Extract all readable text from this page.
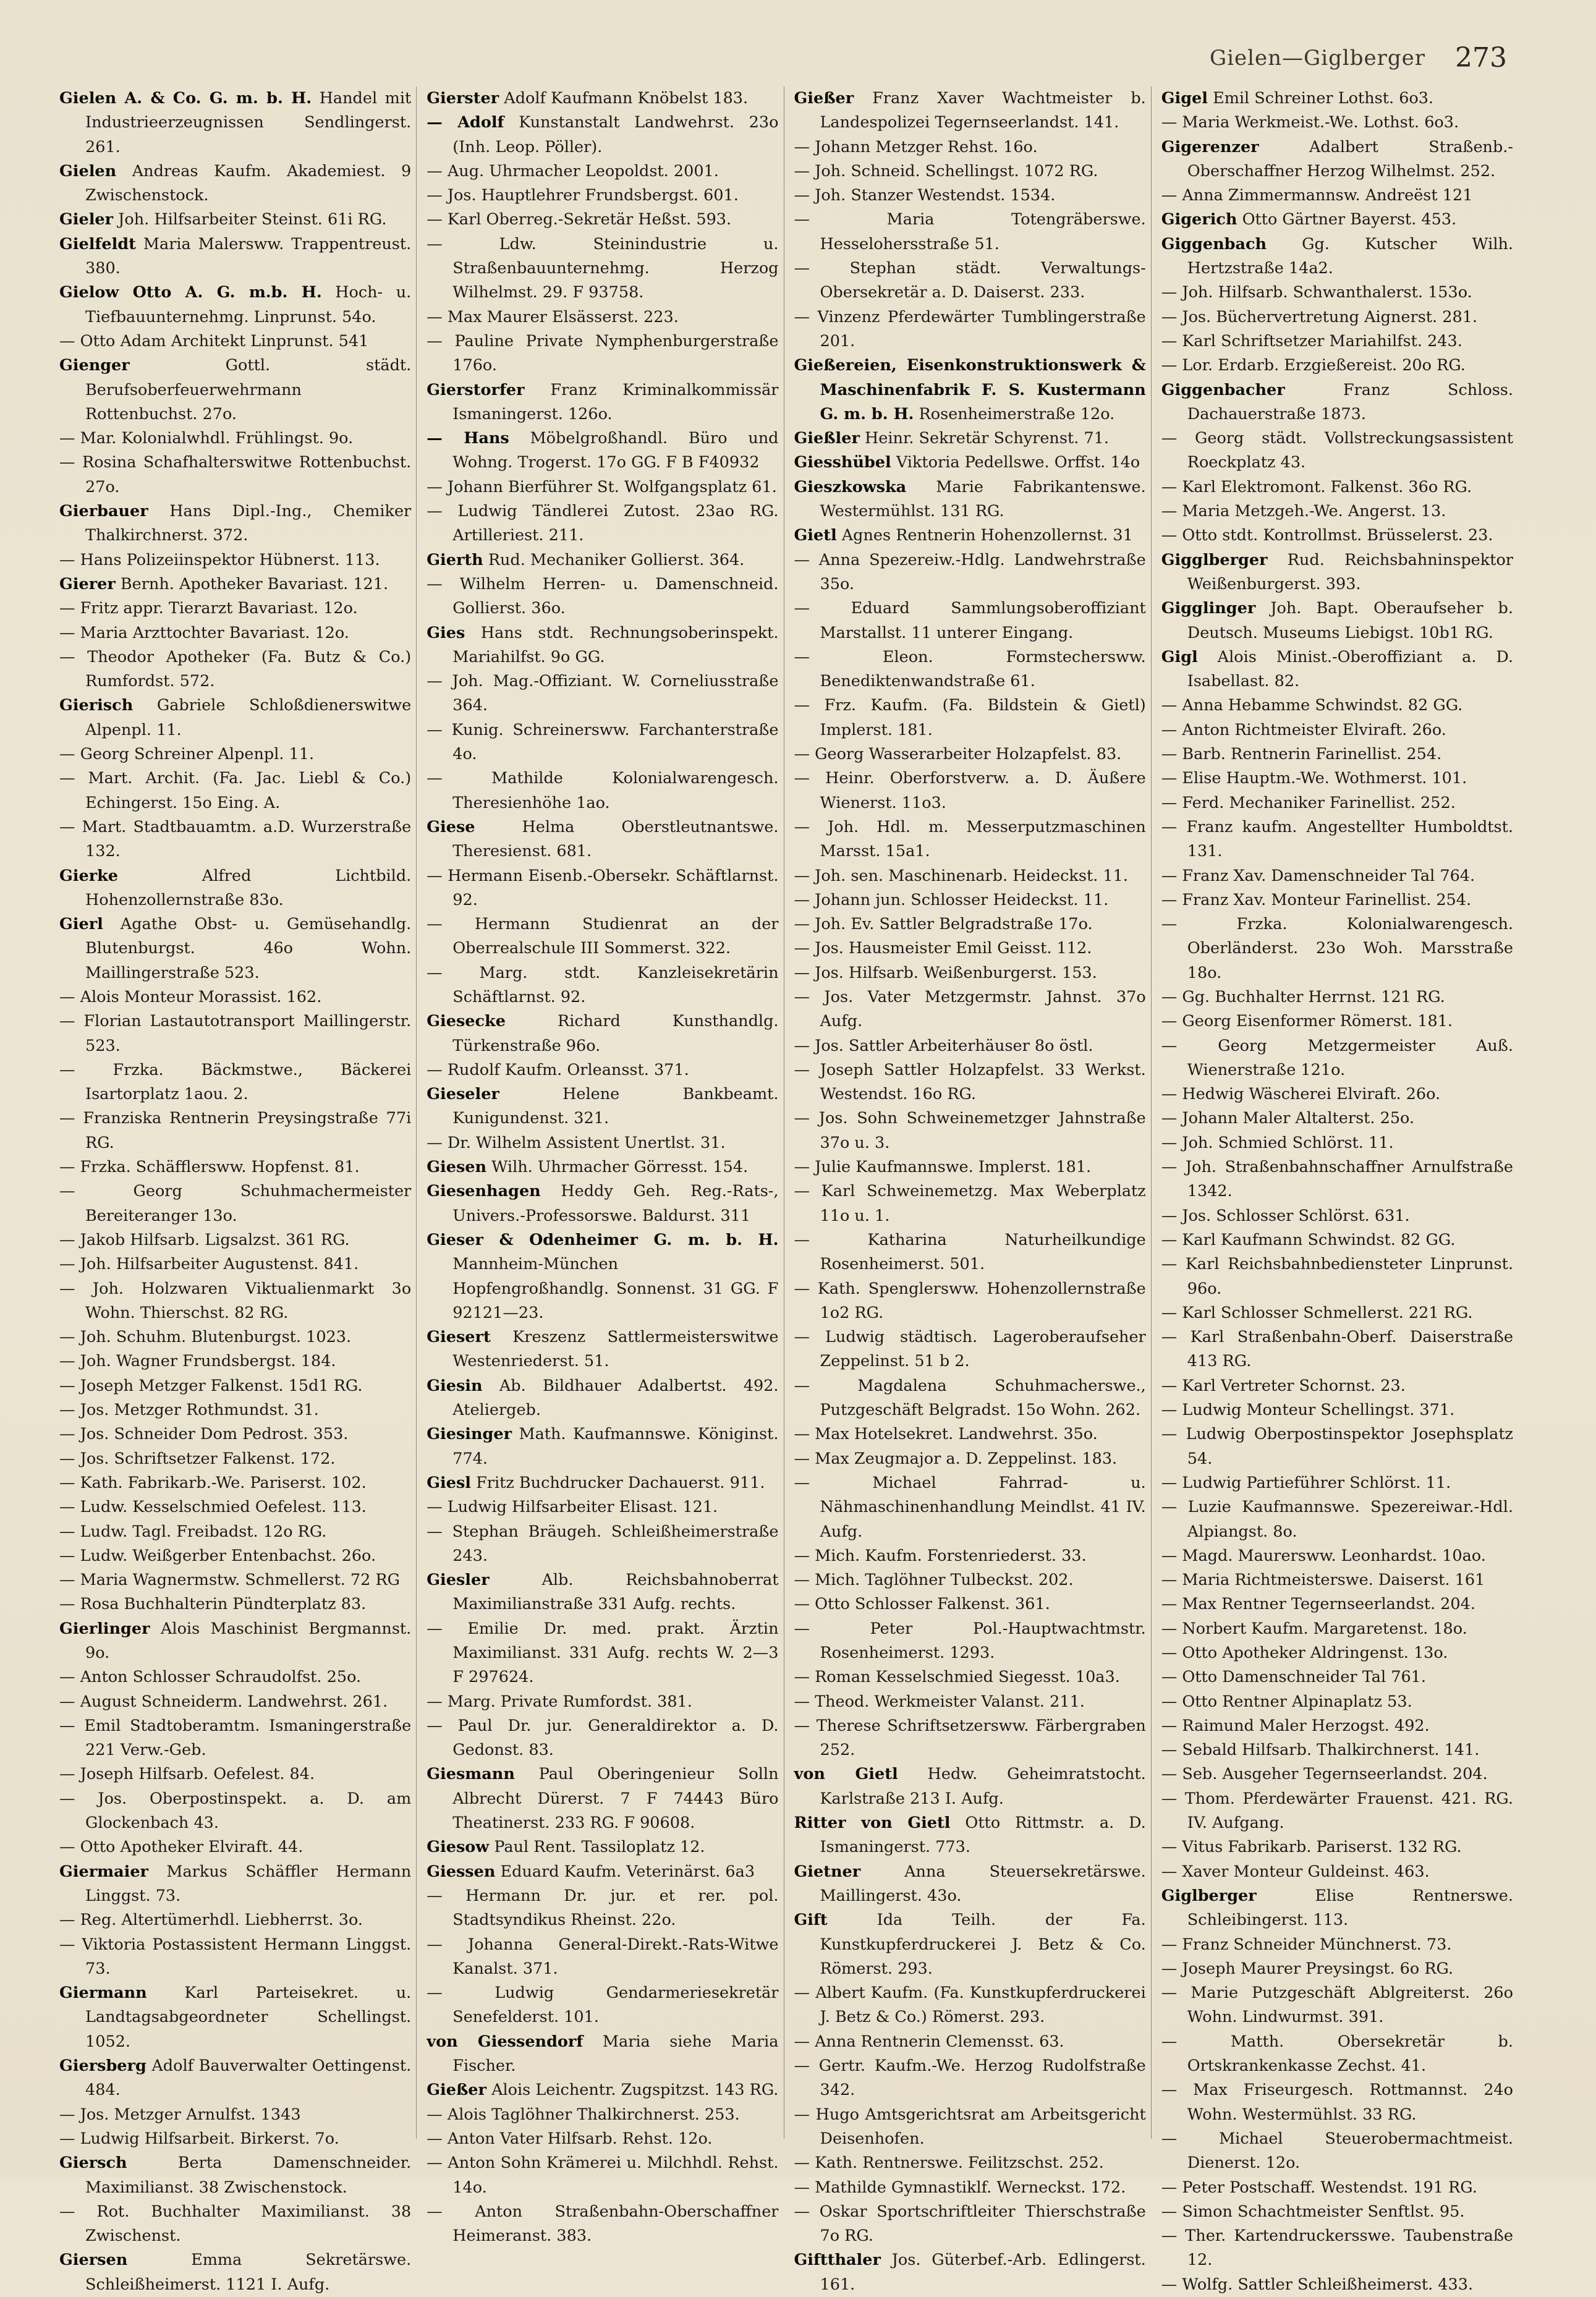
Gielen—Giglberger 273
Gielen A. & Co. G. m. b. H. Handel mit Industrieerzeugnissen Sendlingerst. 261.
Gielen Andreas Kaufm. Akademiest. 9 Zwischenstock.
Gieler Joh. Hilfsarbeiter Steinst. 61i RG.
Gielfeldt Maria Malersww. Trappentreust. 380.
Gielow Otto A. G. m.b. H. Hoch- u. Tiefbauunternehmg. Linprunst. 54o.
— Otto Adam Architekt Linprunst. 541
Gienger	Gottl. städt. Berufsoberfeuerwehrmann Rottenbuchst. 27o.
— Mar. Kolonialwhdl. Frühlingst. 9o.
— Rosina Schafhalterswitwe Rottenbuchst. 27o.
Gierbauer Hans Dipl.-Ing., Chemiker Thalkirchnerst. 372.
— Hans Polizeiinspektor Hübnerst. 113.
Gierer Bernh. Apotheker Bavariast. 121.
— Fritz appr. Tierarzt Bavariast. 12o.
— Maria Arzttochter Bavariast. 12o.
— Theodor Apotheker (Fa. Butz & Co.) Rumfordst. 572.
Gierisch Gabriele Schloßdienerswitwe Alpenpl. 11.
— Georg Schreiner Alpenpl. 11.
— Mart. Archit. (Fa. Jac. Liebl & Co.) Echingerst. 15o Eing. A.
— Mart. Stadtbauamtm. a.D. Wurzerstraße 132.
Gierke	Alfred Lichtbild. Hohenzollernstraße 83o.
Gierl Agathe Obst- u. Gemüsehandlg. Blutenburgst. 46o Wohn. Maillingerstraße 523.
— Alois Monteur Morassist. 162.
— Florian Lastautotransport Maillingerstr. 523.
— Frzka. Bäckmstwe., Bäckerei Isartorplatz 1aou. 2.
— Franziska Rentnerin Preysingstraße 77i RG.
— Frzka. Schäfflersww. Hopfenst. 81.
— Georg Schuhmachermeister Bereiteranger 13o.
— Jakob Hilfsarb. Ligsalzst. 361 RG.
— Joh. Hilfsarbeiter Augustenst. 841.
— Joh. Holzwaren Viktualienmarkt 3o Wohn. Thierschst. 82 RG.
— Joh. Schuhm. Blutenburgst. 1023.
— Joh. Wagner Frundsbergst. 184.
— Joseph Metzger Falkenst. 15d1 RG.
— Jos. Metzger Rothmundst. 31.
— Jos. Schneider Dom Pedrost. 353.
— Jos. Schriftsetzer Falkenst. 172.
— Kath. Fabrikarb.-We. Pariserst. 102.
— Ludw. Kesselschmied Oefelest. 113.
— Ludw. Tagl. Freibadst. 12o RG.
— Ludw. Weißgerber Entenbachst. 26o.
— Maria Wagnermstw. Schmellerst. 72 RG
— Rosa Buchhalterin Pündterplatz 83.
Gierlinger Alois Maschinist Bergmannst. 9o.
— Anton Schlosser Schraudolfst. 25o.
— August Schneiderm. Landwehrst. 261.
— Emil Stadtoberamtm. Ismaningerstraße 221 Verw.-Geb.
— Joseph Hilfsarb. Oefelest. 84.
— Jos. Oberpostinspekt. a. D. am Glockenbach 43.
— Otto Apotheker Elviraft. 44.
Giermaier Markus Schäffler Hermann Linggst. 73.
— Reg. Altertümerhdl. Liebherrst. 3o.
— Viktoria Postassistent Hermann Linggst. 73.
Giermann Karl Parteisekret. u. Landtagsabgeordneter Schellingst. 1052.
Giersberg Adolf Bauverwalter Oettingenst. 484.
— Jos. Metzger Arnulfst. 1343
— Ludwig Hilfsarbeit. Birkerst. 7o.
Giersch	Berta Damenschneider. Maximilianst. 38 Zwischenstock.
— Rot. Buchhalter Maximilianst. 38 Zwischenst.
Giersen	Emma Sekretärswe. Schleißheimerst. 1121 I. Aufg.
Gierster Adolf Kaufmann Knöbelst 183.
— Adolf Kunstanstalt Landwehrst. 23o (Inh. Leop. Pöller).
— Aug. Uhrmacher Leopoldst. 2001.
— Jos. Hauptlehrer Frundsbergst. 601.
— Karl Oberreg.-Sekretär Heßst. 593.
— Ldw. Steinindustrie u. Straßenbauunternehmg. Herzog Wilhelmst. 29. F 93758.
— Max Maurer Elsässerst. 223.
— Pauline Private Nymphenburgerstraße 176o.
Gierstorfer Franz Kriminalkommissär Ismaningerst. 126o.
— Hans Möbelgroßhandl. Büro und Wohng. Trogerst. 17o GG. F B F40932
— Johann Bierführer St. Wolfgangsplatz 61.
— Ludwig Tändlerei Zutost. 23ao RG. Artilleriest. 211.
Gierth Rud. Mechaniker Gollierst. 364.
— Wilhelm Herren- u. Damenschneid. Gollierst. 36o.
Gies Hans stdt. Rechnungsoberinspekt. Mariahilfst. 9o GG.
— Joh. Mag.-Offiziant. W. Corneliusstraße 364.
— Kunig. Schreinersww. Farchanterstraße 4o.
— Mathilde Kolonialwarengesch. Theresienhöhe 1ao.
Giese	Helma Oberstleutnantswe. Theresienst. 681.
— Hermann Eisenb.-Obersekr. Schäftlarnst. 92.
— Hermann Studienrat an der Oberrealschule III Sommerst. 322.
— Marg. stdt. Kanzleisekretärin Schäftlarnst. 92.
Giesecke	Richard Kunsthandlg. Türkenstraße 96o.
— Rudolf Kaufm. Orleansst. 371.
Gieseler	Helene Bankbeamt. Kunigundenst. 321.
— Dr. Wilhelm Assistent Unertlst. 31.
Giesen Wilh. Uhrmacher Görresst. 154.
Giesenhagen Heddy Geh. Reg.-Rats-, Univers.-Professorswe. Baldurst. 311
Gieser & Odenheimer G. m. b. H. Mannheim-München Hopfengroßhandlg. Sonnenst. 31 GG. F 92121—23.
Giesert Kreszenz Sattlermeisterswitwe Westenriederst. 51.
Giesin Ab. Bildhauer Adalbertst. 492. Ateliergeb.
Giesinger Math. Kaufmannswe. Königinst. 774.
Giesl Fritz Buchdrucker Dachauerst. 911.
— Ludwig Hilfsarbeiter Elisast. 121.
— Stephan Bräugeh. Schleißheimerstraße 243.
Giesler	Alb. Reichsbahnoberrat Maximilianstraße 331 Aufg. rechts.
— Emilie Dr. med. prakt. Ärztin Maximilianst. 331 Aufg. rechts W. 2—3 F 297624.
— Marg. Private Rumfordst. 381.
— Paul Dr. jur. Generaldirektor a. D. Gedonst. 83.
Giesmann Paul Oberingenieur Solln Albrecht Dürerst. 7 F 74443 Büro Theatinerst. 233 RG. F 90608.
Giesow Paul Rent. Tassiloplatz 12.
Giessen Eduard Kaufm. Veterinärst. 6a3
— Hermann Dr. jur. et rer. pol. Stadtsyndikus Rheinst. 22o.
— Johanna General-Direkt.-Rats-Witwe Kanalst. 371.
— Ludwig Gendarmeriesekretär Senefelderst. 101.
von Giessendorf Maria siehe Maria Fischer.
Gießer Alois Leichentr. Zugspitzst. 143 RG.
— Alois Taglöhner Thalkirchnerst. 253.
— Anton Vater Hilfsarb. Rehst. 12o.
— Anton Sohn Krämerei u. Milchhdl. Rehst. 14o.
— Anton Straßenbahn-Oberschaffner Heimeranst. 383.
Gießer Franz Xaver Wachtmeister b. Landespolizei Tegernseerlandst. 141.
— Johann Metzger Rehst. 16o.
— Joh. Schneid. Schellingst. 1072 RG.
— Joh. Stanzer Westendst. 1534.
— Maria Totengräberswe. Hesselohersstraße 51.
— Stephan städt. Verwaltungs-Obersekretär a. D. Daiserst. 233.
— Vinzenz Pferdewärter Tumblingerstraße 201.
Gießereien, Eisenkonstruktionswerk & Maschinenfabrik F. S. Kustermann G. m. b. H. Rosenheimerstraße 12o.
Gießler Heinr. Sekretär Schyrenst. 71.
Giesshübel Viktoria Pedellswe. Orffst. 14o
Gieszkowska Marie Fabrikantenswe. Westermühlst. 131 RG.
Gietl Agnes Rentnerin Hohenzollernst. 31
— Anna Spezereiw.-Hdlg. Landwehrstraße 35o.
— Eduard Sammlungsoberoffiziant Marstallst. 11 unterer Eingang.
— Eleon. Formstechersww. Benediktenwandstraße 61.
— Frz. Kaufm. (Fa. Bildstein & Gietl) Implerst. 181.
— Georg Wasserarbeiter Holzapfelst. 83.
— Heinr. Oberforstverw. a. D. Äußere Wienerst. 11o3.
— Joh. Hdl. m. Messerputzmaschinen Marsst. 15a1.
— Joh. sen. Maschinenarb. Heideckst. 11.
— Johann jun. Schlosser Heideckst. 11.
— Joh. Ev. Sattler Belgradstraße 17o.
— Jos. Hausmeister Emil Geisst. 112.
— Jos. Hilfsarb. Weißenburgerst. 153.
— Jos. Vater Metzgermstr. Jahnst. 37o Aufg.
— Jos. Sattler Arbeiterhäuser 8o östl.
— Joseph Sattler Holzapfelst. 33 Werkst. Westendst. 16o RG.
— Jos. Sohn Schweinemetzger Jahnstraße 37o u. 3.
— Julie Kaufmannswe. Implerst. 181.
— Karl Schweinemetzg. Max Weberplatz 11o u. 1.
— Katharina Naturheilkundige Rosenheimerst. 501.
— Kath. Spenglersww. Hohenzollernstraße 1o2 RG.
— Ludwig städtisch. Lageroberaufseher Zeppelinst. 51 b 2.
— Magdalena Schuhmacherswe., Putzgeschäft Belgradst. 15o Wohn. 262.
— Max Hotelsekret. Landwehrst. 35o.
— Max Zeugmajor a. D. Zeppelinst. 183.
— Michael Fahrrad- u. Nähmaschinenhandlung Meindlst. 41 IV. Aufg.
— Mich. Kaufm. Forstenriederst. 33.
— Mich. Taglöhner Tulbeckst. 202.
— Otto Schlosser Falkenst. 361.
— Peter Pol.-Hauptwachtmstr. Rosenheimerst. 1293.
— Roman Kesselschmied Siegesst. 10a3.
— Theod. Werkmeister Valanst. 211.
— Therese Schriftsetzersww. Färbergraben 252.
von Gietl Hedw. Geheimratstocht. Karlstraße 213 I. Aufg.
Ritter von Gietl Otto Rittmstr. a. D. Ismaningerst. 773.
Gietner	Anna Steuersekretärswe. Maillingerst. 43o.
Gift	Ida Teilh. der Fa. Kunstkupferdruckerei J. Betz & Co. Römerst. 293.
— Albert Kaufm. (Fa. Kunstkupferdruckerei J. Betz & Co.) Römerst. 293.
— Anna Rentnerin Clemensst. 63.
— Gertr. Kaufm.-We. Herzog Rudolfstraße 342.
— Hugo Amtsgerichtsrat am Arbeitsgericht Deisenhofen.
— Kath. Rentnerswe. Feilitzschst. 252.
— Mathilde Gymnastiklf. Werneckst. 172.
— Oskar Sportschriftleiter Thierschstraße 7o RG.
Giftthaler Jos. Güterbef.-Arb. Edlingerst. 161.
Gigel Emil Schreiner Lothst. 6o3.
— Maria Werkmeist.-We. Lothst. 6o3.
Gigerenzer	Adalbert Straßenb.-Oberschaffner Herzog Wilhelmst. 252.
— Anna Zimmermannsw. Andreëst 121
Gigerich Otto Gärtner Bayerst. 453.
Giggenbach Gg. Kutscher Wilh. Hertzstraße 14a2.
— Joh. Hilfsarb. Schwanthalerst. 153o.
— Jos. Büchervertretung Aignerst. 281.
— Karl Schriftsetzer Mariahilfst. 243.
— Lor. Erdarb. Erzgießereist. 20o RG.
Giggenbacher	Franz Schloss. Dachauerstraße 1873.
— Georg städt. Vollstreckungsassistent Roeckplatz 43.
— Karl Elektromont. Falkenst. 36o RG.
— Maria Metzgeh.-We. Angerst. 13.
— Otto stdt. Kontrollmst. Brüsselerst. 23.
Gigglberger Rud. Reichsbahninspektor Weißenburgerst. 393.
Gigglinger Joh. Bapt. Oberaufseher b. Deutsch. Museums Liebigst. 10b1 RG.
Gigl Alois Minist.-Oberoffiziant a. D. Isabellast. 82.
— Anna Hebamme Schwindst. 82 GG.
— Anton Richtmeister Elviraft. 26o.
— Barb. Rentnerin Farinellist. 254.
— Elise Hauptm.-We. Wothmerst. 101.
— Ferd. Mechaniker Farinellist. 252.
— Franz kaufm. Angestellter Humboldtst. 131.
— Franz Xav. Damenschneider Tal 764.
— Franz Xav. Monteur Farinellist. 254.
— Frzka. Kolonialwarengesch. Oberländerst. 23o Woh. Marsstraße 18o.
— Gg. Buchhalter Herrnst. 121 RG.
— Georg Eisenformer Römerst. 181.
— Georg Metzgermeister Auß. Wienerstraße 121o.
— Hedwig Wäscherei Elviraft. 26o.
— Johann Maler Altalterst. 25o.
— Joh. Schmied Schlörst. 11.
— Joh. Straßenbahnschaffner Arnulfstraße 1342.
— Jos. Schlosser Schlörst. 631.
— Karl Kaufmann Schwindst. 82 GG.
— Karl Reichsbahnbediensteter Linprunst. 96o.
— Karl Schlosser Schmellerst. 221 RG.
— Karl Straßenbahn-Oberf. Daiserstraße 413 RG.
— Karl Vertreter Schornst. 23.
— Ludwig Monteur Schellingst. 371.
— Ludwig Oberpostinspektor Josephsplatz 54.
— Ludwig Partieführer Schlörst. 11.
— Luzie Kaufmannswe. Spezereiwar.-Hdl. Alpiangst. 8o.
— Magd. Maurersww. Leonhardst. 10ao.
— Maria Richtmeisterswe. Daiserst. 161
— Max Rentner Tegernseerlandst. 204.
— Norbert Kaufm. Margaretenst. 18o.
— Otto Apotheker Aldringenst. 13o.
— Otto Damenschneider Tal 761.
— Otto Rentner Alpinaplatz 53.
— Raimund Maler Herzogst. 492.
— Sebald Hilfsarb. Thalkirchnerst. 141.
— Seb. Ausgeher Tegernseerlandst. 204.
— Thom. Pferdewärter Frauenst. 421. RG. IV. Aufgang.
— Vitus Fabrikarb. Pariserst. 132 RG.
— Xaver Monteur Guldeinst. 463.
Giglberger	Elise Rentnerswe. Schleibingerst. 113.
— Franz Schneider Münchnerst. 73.
— Joseph Maurer Preysingst. 6o RG.
— Marie Putzgeschäft Ablgreiterst. 26o Wohn. Lindwurmst. 391.
— Matth. Obersekretär b. Ortskrankenkasse Zechst. 41.
— Max Friseurgesch. Rottmannst. 24o Wohn. Westermühlst. 33 RG.
— Michael Steuerobermachtmeist. Dienerst. 12o.
— Peter Postschaff. Westendst. 191 RG.
— Simon Schachtmeister Senftlst. 95.
— Ther. Kartendruckersswe. Taubenstraße 12.
— Wolfg. Sattler Schleißheimerst. 433.
